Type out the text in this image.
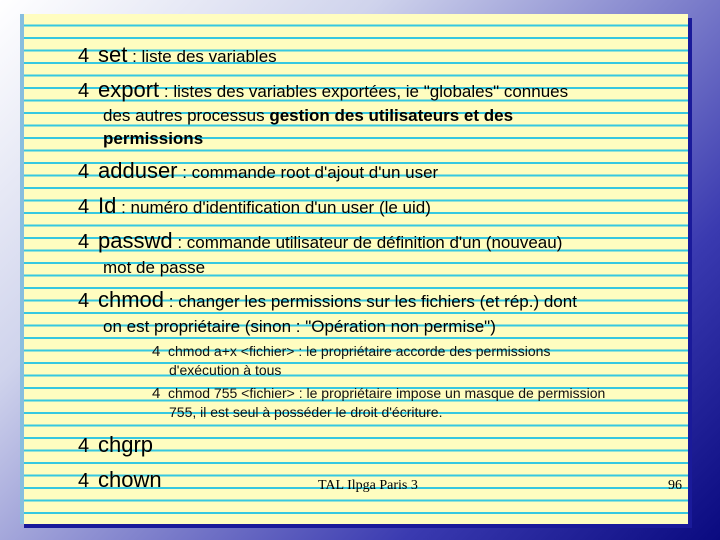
4 set : liste des variables
4 export : listes des variables exportées, ie "globales" connues
des autres processus gestion des utilisateurs et des
permissions
4 adduser : commande root d'ajout d'un user
4 Id : numéro d'identification d'un user (le uid)
4 passwd : commande utilisateur de définition d'un (nouveau)
mot de passe
4 chmod : changer les permissions sur les fichiers (et rép.) dont
on est propriétaire (sinon : "Opération non permise")
4 chmod a+x <fichier> : le propriétaire accorde des permissions
d'exécution à tous
4 chmod 755 <fichier> : le propriétaire impose un masque de permission
755, il est seul à posséder le droit d'écriture.
4 chgrp
4 chown	TAL Ilpga Paris 3	96
